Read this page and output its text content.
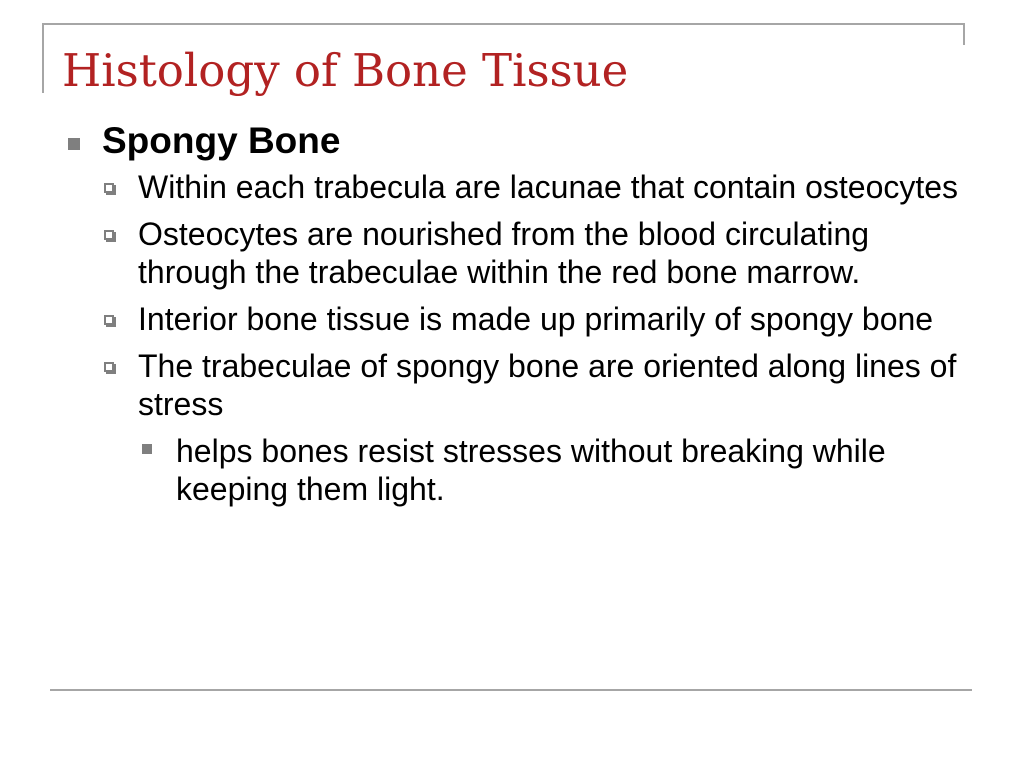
Histology of Bone Tissue
Spongy Bone
Within each trabecula are lacunae that contain osteocytes
Osteocytes are nourished from the blood circulating through the trabeculae within the red bone marrow.
Interior bone tissue is made up primarily of spongy bone
The trabeculae of spongy bone are oriented along lines of stress
helps bones resist stresses without breaking while keeping them light.
